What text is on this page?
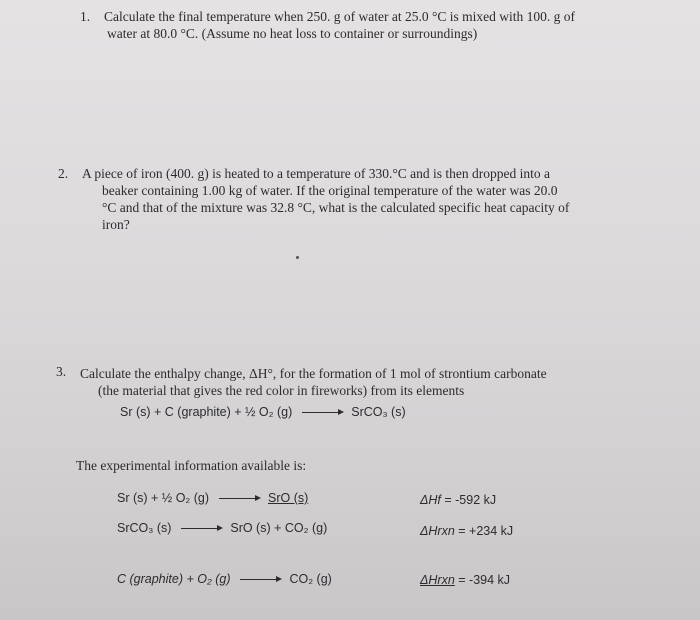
1. Calculate the final temperature when 250. g of water at 25.0 °C is mixed with 100. g of
water at 80.0 °C. (Assume no heat loss to container or surroundings)
2. A piece of iron (400. g) is heated to a temperature of 330.°C and is then dropped into a
beaker containing 1.00 kg of water. If the original temperature of the water was 20.0
°C and that of the mixture was 32.8 °C, what is the calculated specific heat capacity of
iron?
3. Calculate the enthalpy change, ΔH°, for the formation of 1 mol of strontium carbonate
(the material that gives the red color in fireworks) from its elements
Sr (s) + C (graphite) + ½ O₂ (g) → SrCO₃ (s)
The experimental information available is:
Sr (s) + ½ O₂ (g) → SrO (s)	ΔHf = -592 kJ
SrCO₃ (s) → SrO (s) + CO₂ (g)	ΔHrxn = +234 kJ
C (graphite) + O₂ (g) → CO₂ (g)	ΔHrxn = -394 kJ
